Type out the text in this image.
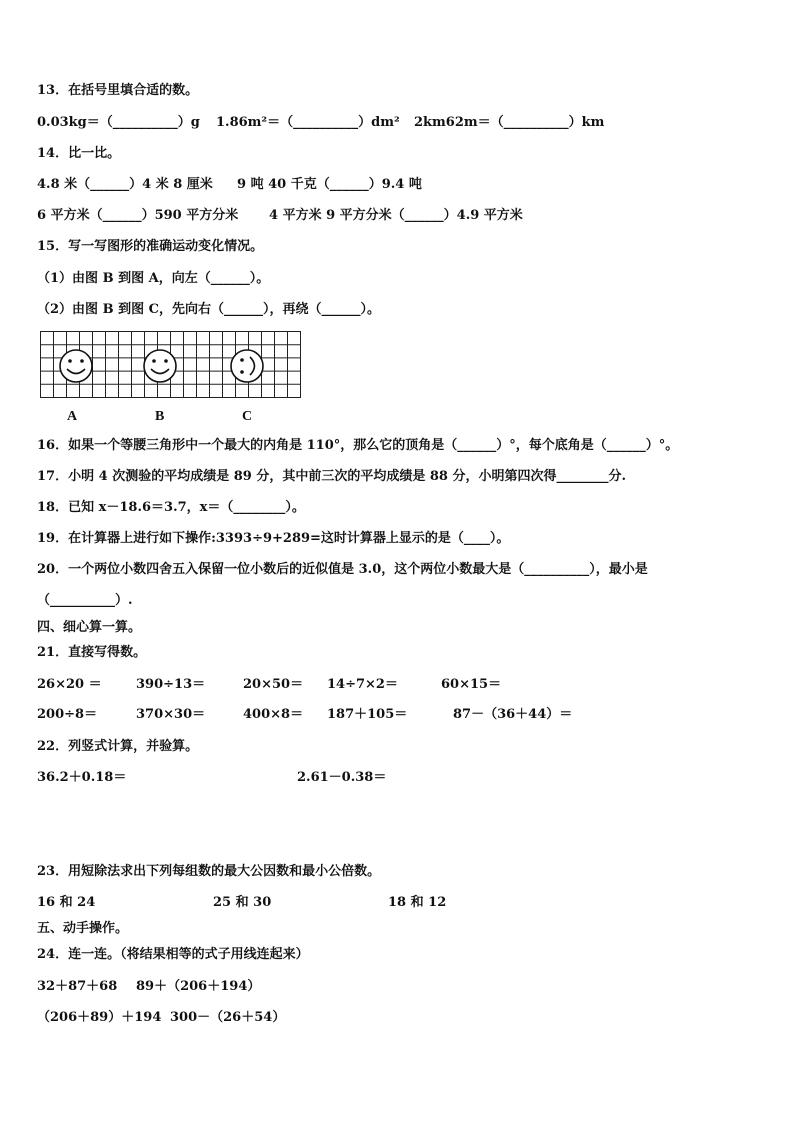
13．在括号里填合适的数。
0.03kg＝（__________）g 1.86m²＝（__________）dm² 2km62m＝（__________）km
14．比一比。
4.8 米（______）4 米 8 厘米 9 吨 40 千克（______）9.4 吨
6 平方米（______）590 平方分米 4 平方米 9 平方分米（______）4.9 平方米
15．写一写图形的准确运动变化情况。
（1）由图 B 到图 A，向左（______）。
（2）由图 B 到图 C，先向右（______），再绕（______）。
A	B	C
16．如果一个等腰三角形中一个最大的内角是 110°，那么它的顶角是（______）°，每个底角是（______）°。
17．小明 4 次测验的平均成绩是 89 分，其中前三次的平均成绩是 88 分，小明第四次得________分.
18．已知 x－18.6＝3.7，x＝（________）。
19．在计算器上进行如下操作:3393÷9+289=这时计算器上显示的是（____）。
20．一个两位小数四舍五入保留一位小数后的近似值是 3.0，这个两位小数最大是（__________），最小是
（__________）.
四、细心算一算。
21．直接写得数。
26×20 ＝	390÷13＝	20×50＝ 14÷7×2＝	60×15＝
200÷8＝	370×30＝	400×8＝ 187＋105＝	87－（36＋44）＝
22．列竖式计算，并验算。
36.2＋0.18＝	2.61－0.38＝
23．用短除法求出下列每组数的最大公因数和最小公倍数。
16 和 24	25 和 30	18 和 12
五、动手操作。
24．连一连。（将结果相等的式子用线连起来）
32＋87＋68 89＋（206＋194）
（206＋89）＋194 300－（26＋54）
